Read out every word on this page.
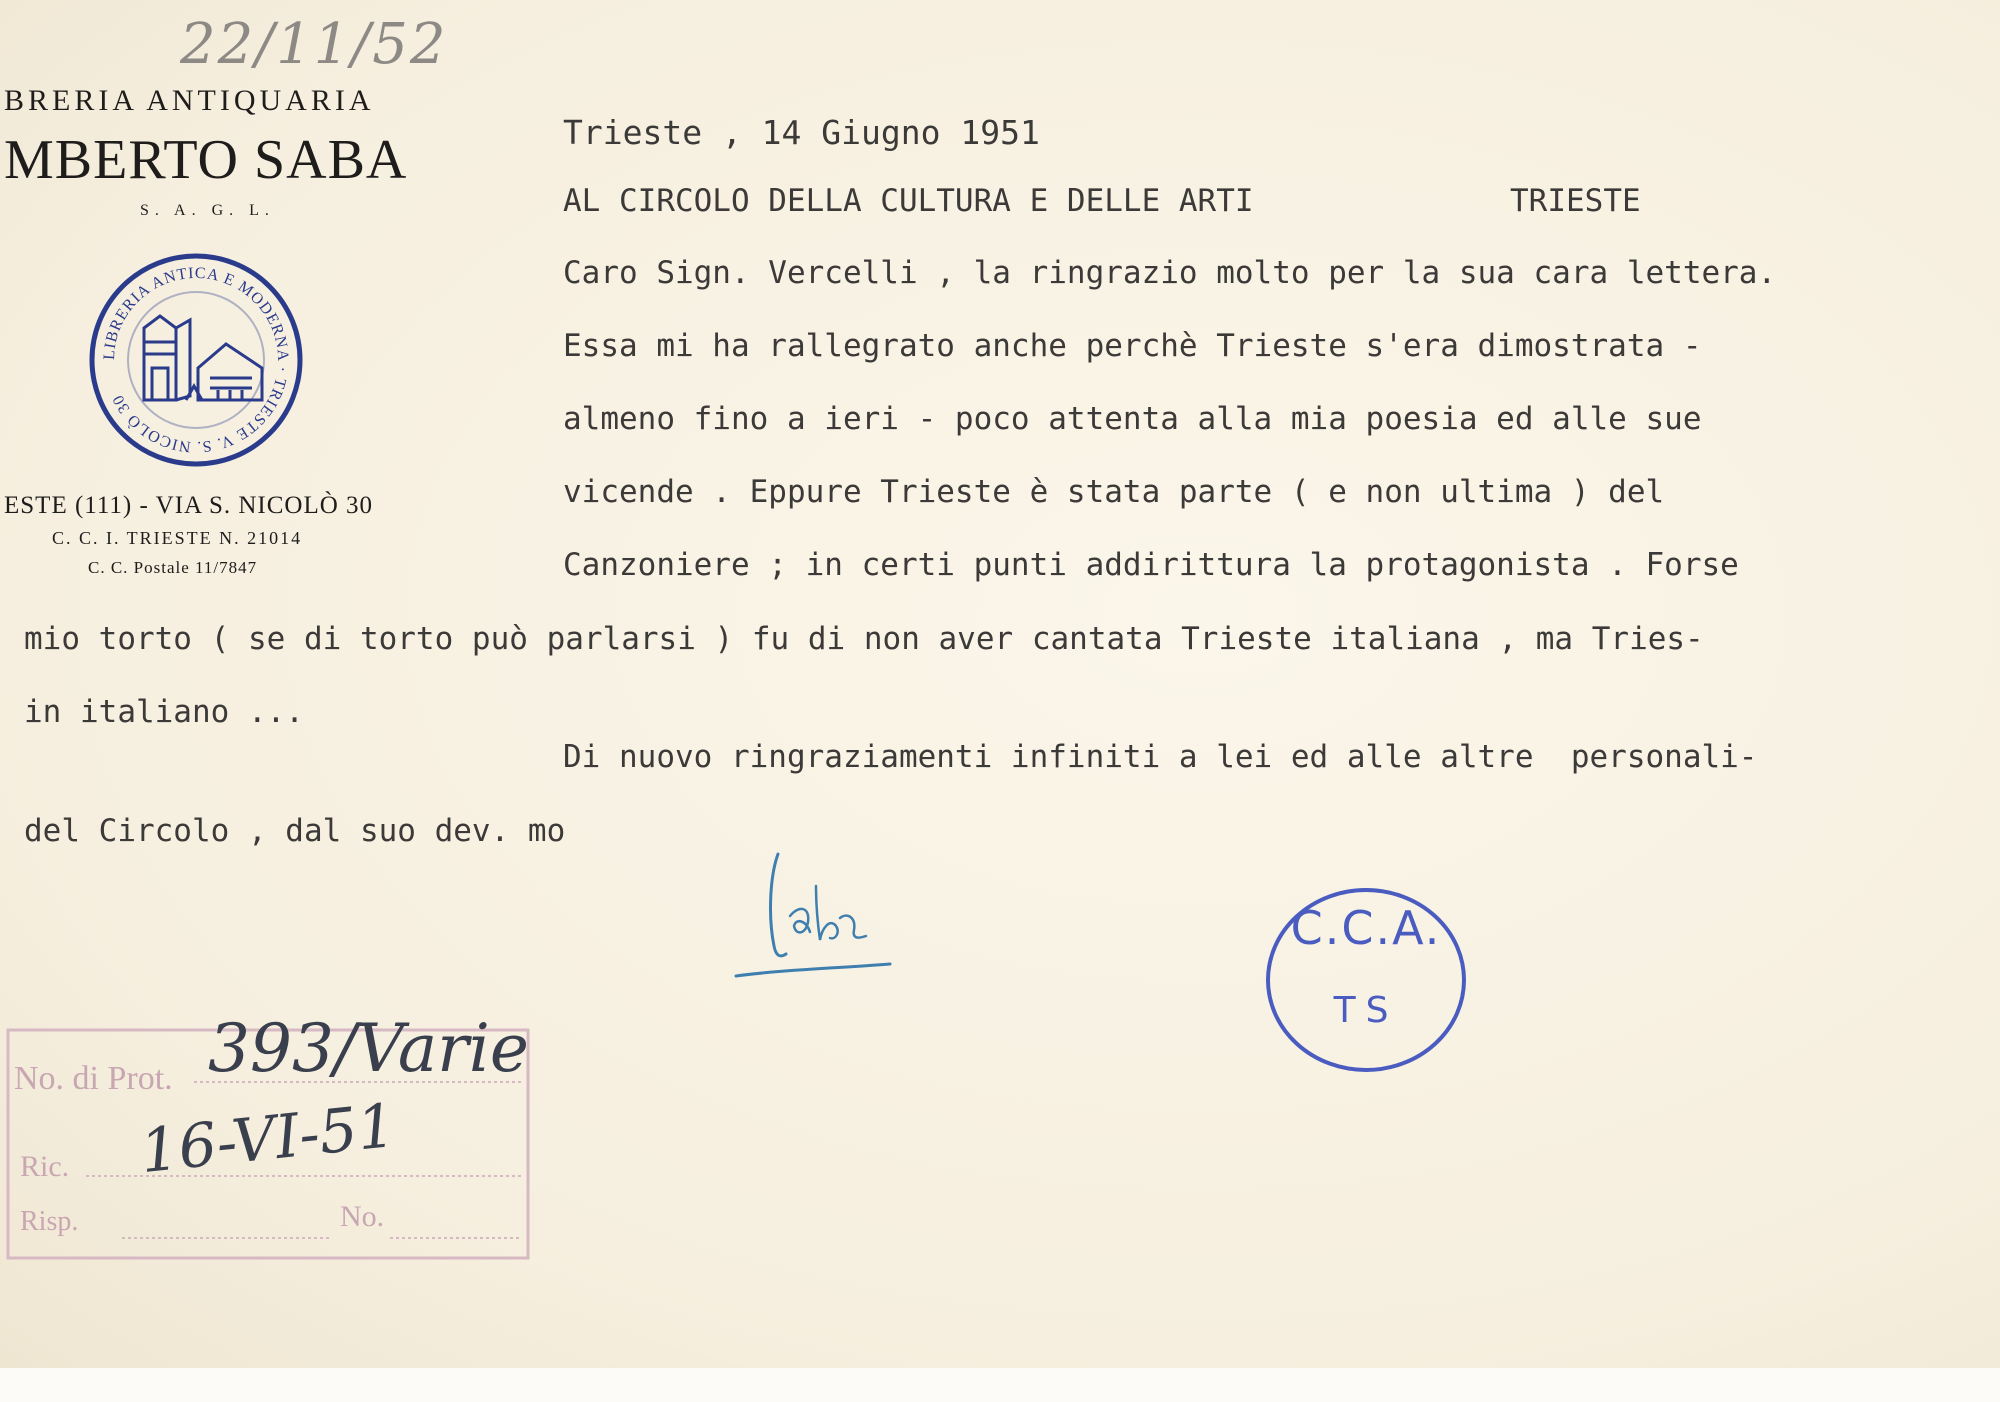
22/11/52
BRERIA ANTIQUARIA
MBERTO SABA
S. A. G. L.
ESTE (111) - VIA S. NICOLÒ 30
C. C. I. TRIESTE N. 21014
C. C. Postale 11/7847
LIBRERIA ANTICA E MODERNA · TRIESTE V. S. NICOLÒ 30
Trieste , 14 Giugno 1951
AL CIRCOLO DELLA CULTURA E DELLE ARTI	TRIESTE
Caro Sign. Vercelli , la ringrazio molto per la sua cara lettera.
Essa mi ha rallegrato anche perchè Trieste s'era dimostrata -
almeno fino a ieri - poco attenta alla mia poesia ed alle sue
vicende . Eppure Trieste è stata parte ( e non ultima ) del
Canzoniere ; in certi punti addirittura la protagonista . Forse
mio torto ( se di torto può parlarsi ) fu di non aver cantata Trieste italiana , ma Tries-
in italiano ...
Di nuovo ringraziamenti infiniti a lei ed alle altre  personali-
del Circolo , dal suo dev. mo
C.C.A.
TS
No. di Prot.
Ric.
Risp.	No.
393/Varie
16-VI-51
